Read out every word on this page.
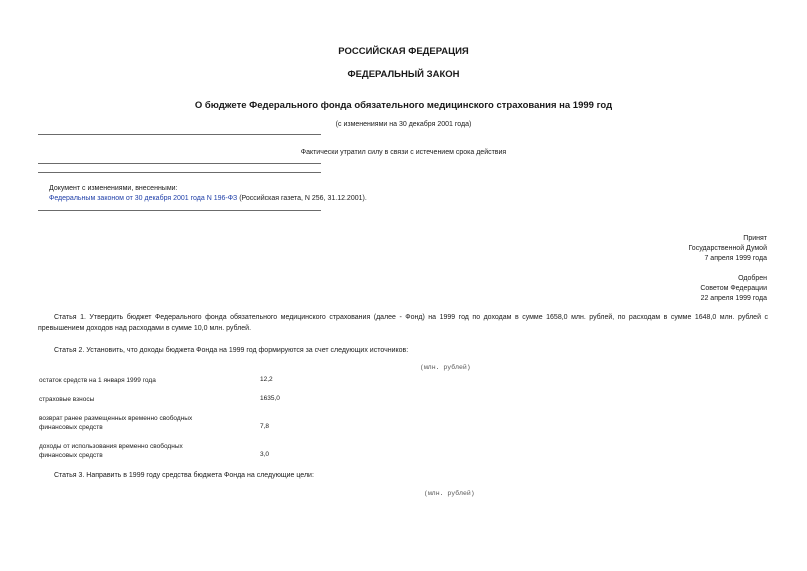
РОССИЙСКАЯ ФЕДЕРАЦИЯ
ФЕДЕРАЛЬНЫЙ ЗАКОН
О бюджете Федерального фонда обязательного медицинского страхования на 1999 год
(с изменениями на 30 декабря 2001 года)
Фактически утратил силу в связи с истечением срока действия
Документ с изменениями, внесенными:
Федеральным законом от 30 декабря 2001 года N 196-ФЗ (Российская газета, N 256, 31.12.2001).
Принят
Государственной Думой
7 апреля 1999 года
Одобрен
Советом Федерации
22 апреля 1999 года
Статья 1. Утвердить бюджет Федерального фонда обязательного медицинского страхования (далее - Фонд) на 1999 год по доходам в сумме 1658,0 млн. рублей, по расходам в сумме 1648,0 млн. рублей с превышением доходов над расходами в сумме 10,0 млн. рублей.
Статья 2. Установить, что доходы бюджета Фонда на 1999 год формируются за счет следующих источников:
(млн. рублей)
остаток средств на 1 января 1999 года	12,2
страховые взносы	1635,0
возврат ранее размещенных временно свободных финансовых средств	7,8
доходы от использования временно свободных финансовых средств	3,0
Статья 3. Направить в 1999 году средства бюджета Фонда на следующие цели:
(млн. рублей)
